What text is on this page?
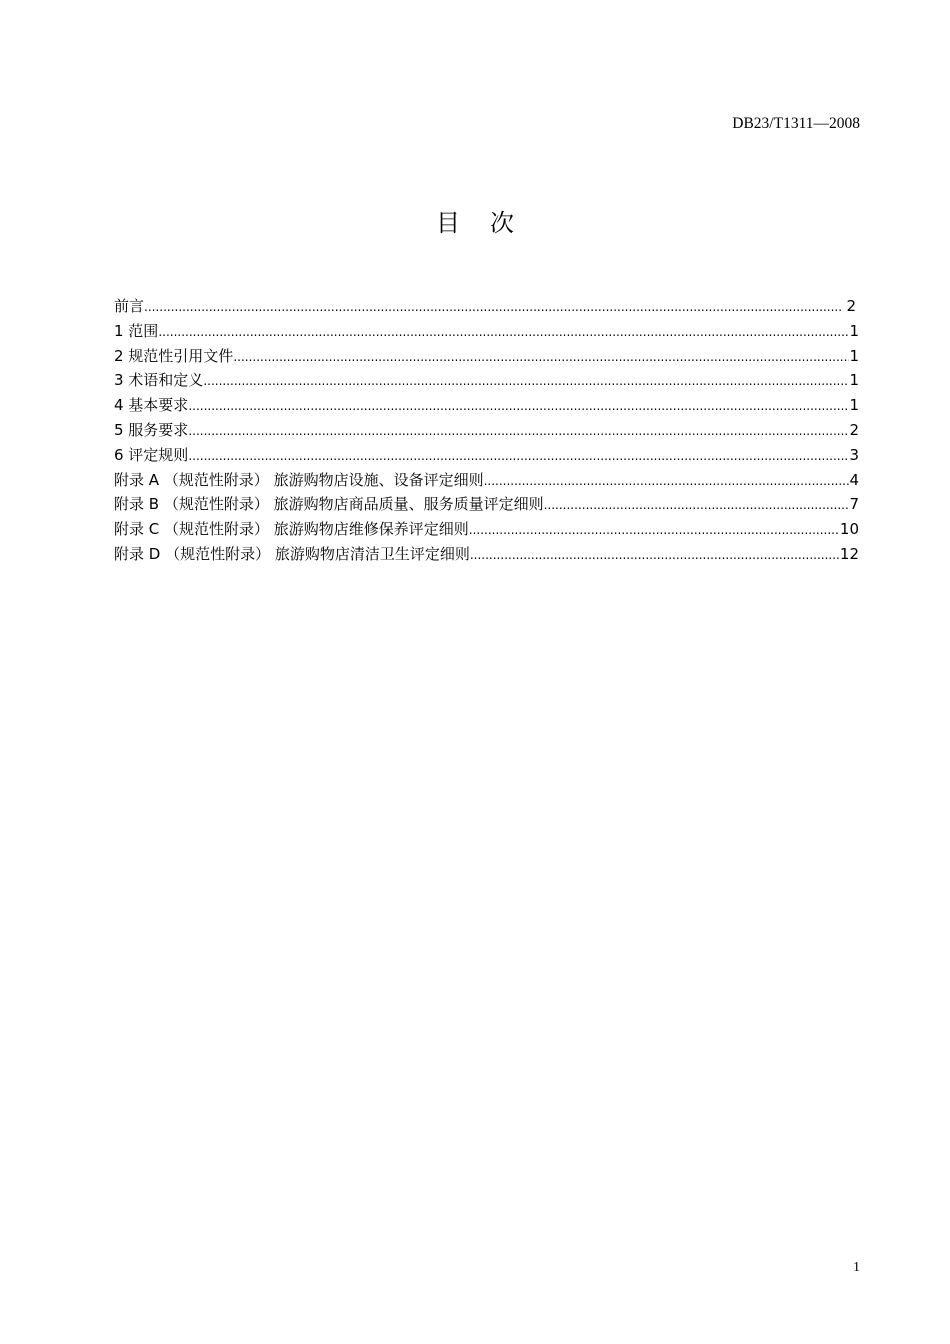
DB23/T1311—2008
目次
前言 .....	2
1 范围 .....	1
2 规范性引用文件 .....	1
3 术语和定义 .....	1
4 基本要求 .....	1
5 服务要求 .....	2
6 评定规则 .....	3
附录 A （规范性附录） 旅游购物店设施、设备评定细则 .....	4
附录 B （规范性附录） 旅游购物店商品质量、服务质量评定细则 .....	7
附录 C （规范性附录） 旅游购物店维修保养评定细则 .....	10
附录 D （规范性附录） 旅游购物店清洁卫生评定细则 .....	12
1
